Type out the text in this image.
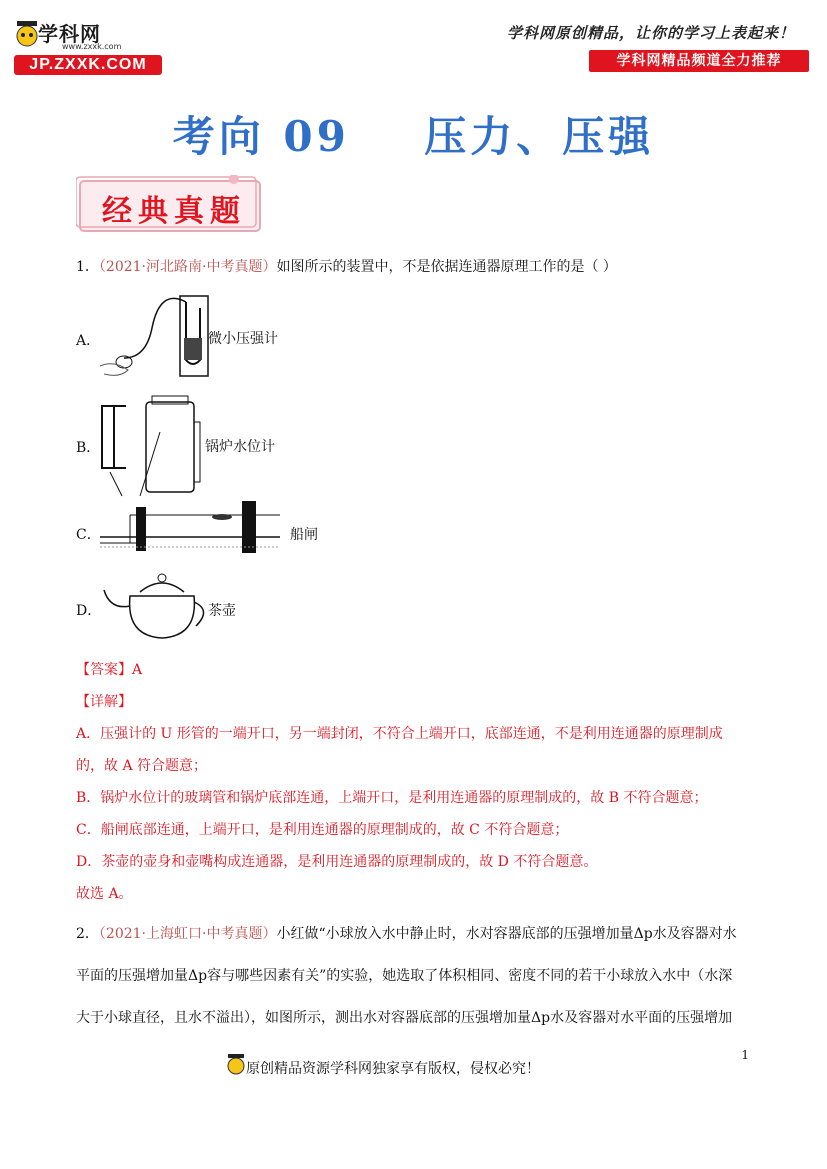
学科网
www.zxxk.com
JP.ZXXK.COM
学科网原创精品，让你的学习上表起来！
学科网精品频道全力推荐
考向 09    压力、压强
经典真题
1．（2021·河北路南·中考真题）如图所示的装置中，不是依据连通器原理工作的是（ ）
A．	微小压强计
B．	锅炉水位计
C．	船闸
D．	茶壶
【答案】A
【详解】
A．压强计的 U 形管的一端开口，另一端封闭，不符合上端开口，底部连通，不是利用连通器的原理制成
的，故 A 符合题意；
B．锅炉水位计的玻璃管和锅炉底部连通，上端开口，是利用连通器的原理制成的，故 B 不符合题意；
C．船闸底部连通，上端开口，是利用连通器的原理制成的，故 C 不符合题意；
D．茶壶的壶身和壶嘴构成连通器，是利用连通器的原理制成的，故 D 不符合题意。
故选 A。
2．（2021·上海虹口·中考真题）小红做“小球放入水中静止时，水对容器底部的压强增加量Δp水及容器对水
平面的压强增加量Δp容与哪些因素有关”的实验，她选取了体积相同、密度不同的若干小球放入水中（水深
大于小球直径，且水不溢出），如图所示，测出水对容器底部的压强增加量Δp水及容器对水平面的压强增加
1
原创精品资源学科网独家享有版权，侵权必究！
